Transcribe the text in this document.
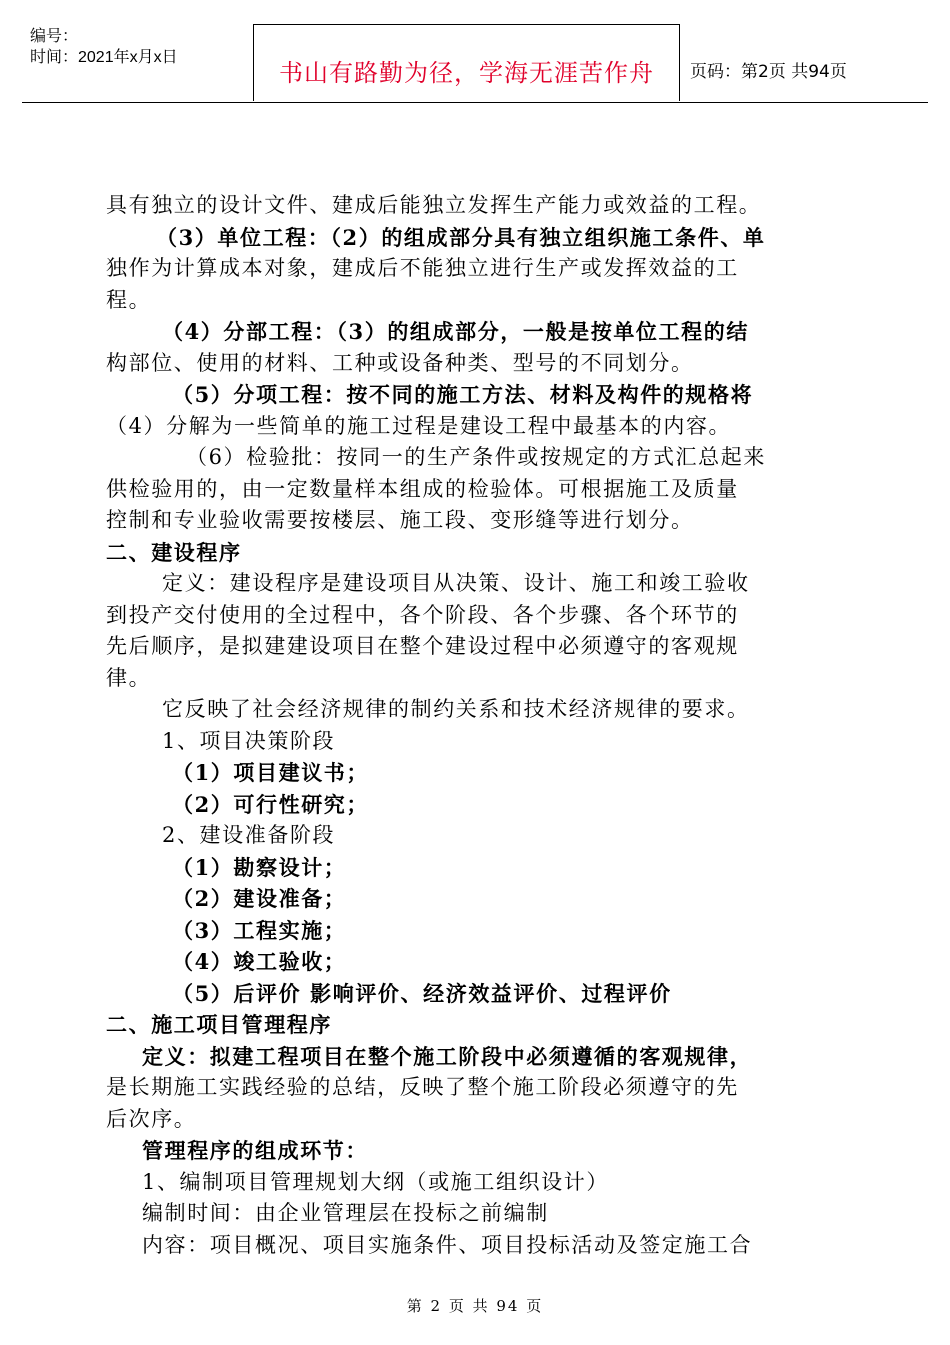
编号：
时间：2021年x月x日
书山有路勤为径，学海无涯苦作舟	页码：第2页 共94页

具有独立的设计文件、建成后能独立发挥生产能力或效益的工程。

（3）单位工程：（2）的组成部分具有独立组织施工条件、单

独作为计算成本对象，建成后不能独立进行生产或发挥效益的工

程。

（4）分部工程：（3）的组成部分，一般是按单位工程的结

构部位、使用的材料、工种或设备种类、型号的不同划分。

（5）分项工程：按不同的施工方法、材料及构件的规格将

（4）分解为一些简单的施工过程是建设工程中最基本的内容。

（6）检验批：按同一的生产条件或按规定的方式汇总起来

供检验用的，由一定数量样本组成的检验体。可根据施工及质量

控制和专业验收需要按楼层、施工段、变形缝等进行划分。

二、建设程序

定义：建设程序是建设项目从决策、设计、施工和竣工验收

到投产交付使用的全过程中，各个阶段、各个步骤、各个环节的

先后顺序，是拟建建设项目在整个建设过程中必须遵守的客观规

律。

它反映了社会经济规律的制约关系和技术经济规律的要求。

1、项目决策阶段

（1）项目建议书；

（2）可行性研究；

2、建设准备阶段

（1）勘察设计；

（2）建设准备；

（3）工程实施；

（4）竣工验收；

（5）后评价 影响评价、经济效益评价、过程评价

二、施工项目管理程序

定义：拟建工程项目在整个施工阶段中必须遵循的客观规律，

是长期施工实践经验的总结，反映了整个施工阶段必须遵守的先

后次序。

管理程序的组成环节：

1、编制项目管理规划大纲（或施工组织设计）

编制时间：由企业管理层在投标之前编制

内容：项目概况、项目实施条件、项目投标活动及签定施工合

第 2 页 共 94 页
